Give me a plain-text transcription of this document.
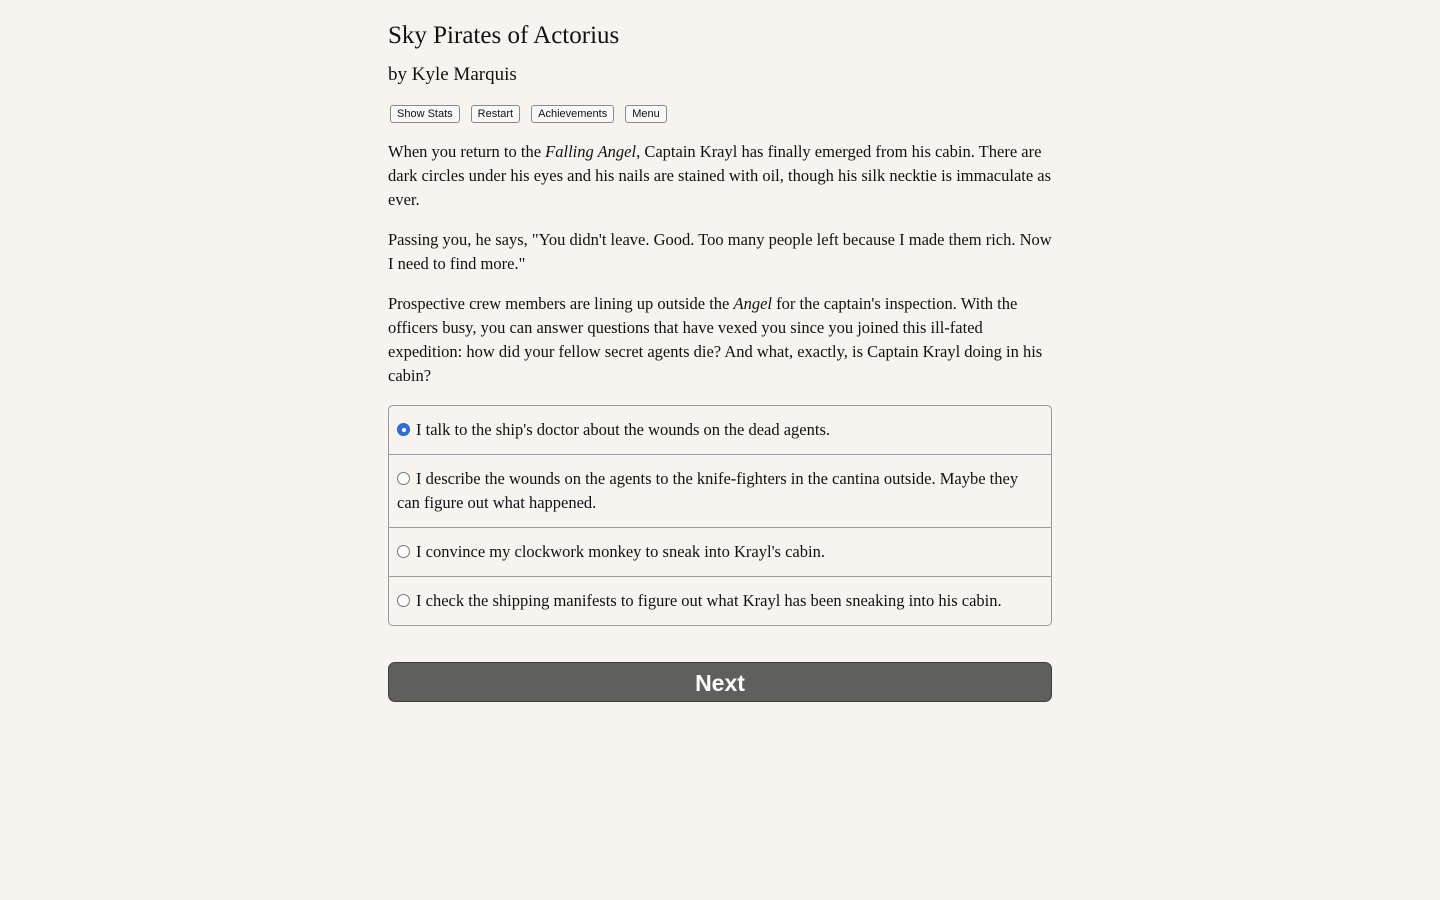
Sky Pirates of Actorius
by Kyle Marquis
Show Stats	Restart	Achievements	Menu

When you return to the Falling Angel, Captain Krayl has finally emerged from his cabin. There are dark circles under his eyes and his nails are stained with oil, though his silk necktie is immaculate as ever.

Passing you, he says, "You didn't leave. Good. Too many people left because I made them rich. Now I need to find more."

Prospective crew members are lining up outside the Angel for the captain's inspection. With the officers busy, you can answer questions that have vexed you since you joined this ill-fated expedition: how did your fellow secret agents die? And what, exactly, is Captain Krayl doing in his cabin?

I talk to the ship's doctor about the wounds on the dead agents.
I describe the wounds on the agents to the knife-fighters in the cantina outside. Maybe they can figure out what happened.
I convince my clockwork monkey to sneak into Krayl's cabin.
I check the shipping manifests to figure out what Krayl has been sneaking into his cabin.
Next
